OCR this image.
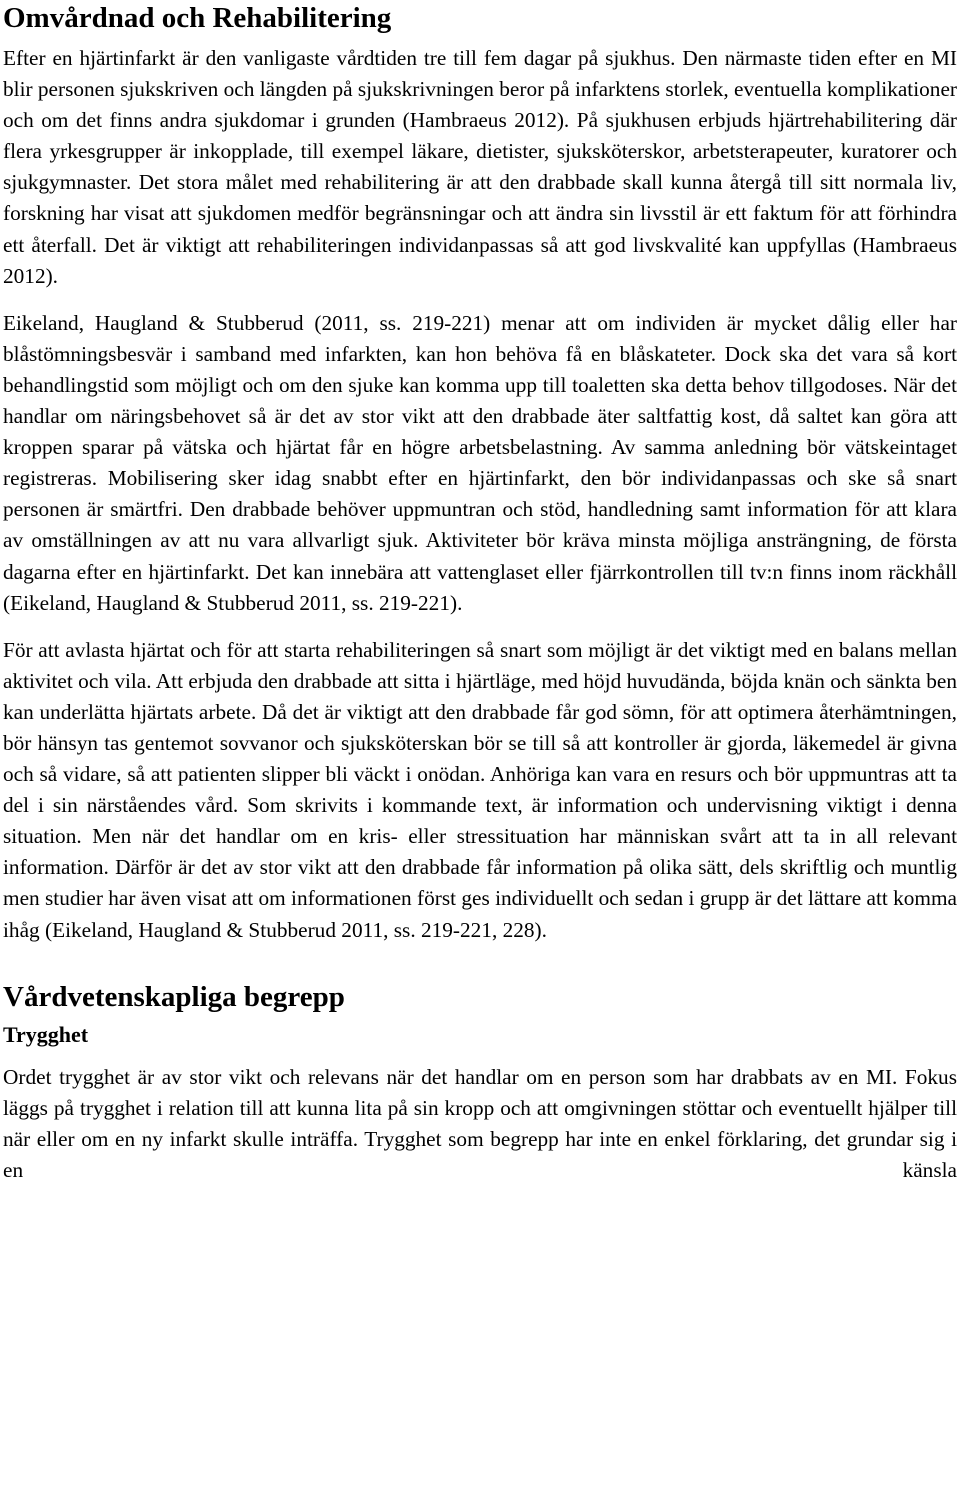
Omvårdnad och Rehabilitering

Efter en hjärtinfarkt är den vanligaste vårdtiden tre till fem dagar på sjukhus. Den närmaste tiden efter en MI blir personen sjukskriven och längden på sjukskrivningen beror på infarktens storlek, eventuella komplikationer och om det finns andra sjukdomar i grunden (Hambraeus 2012). På sjukhusen erbjuds hjärtrehabilitering där flera yrkesgrupper är inkopplade, till exempel läkare, dietister, sjuksköterskor, arbetsterapeuter, kuratorer och sjukgymnaster. Det stora målet med rehabilitering är att den drabbade skall kunna återgå till sitt normala liv, forskning har visat att sjukdomen medför begränsningar och att ändra sin livsstil är ett faktum för att förhindra ett återfall. Det är viktigt att rehabiliteringen individanpassas så att god livskvalité kan uppfyllas (Hambraeus 2012).

Eikeland, Haugland & Stubberud (2011, ss. 219-221) menar att om individen är mycket dålig eller har blåstömningsbesvär i samband med infarkten, kan hon behöva få en blåskateter. Dock ska det vara så kort behandlingstid som möjligt och om den sjuke kan komma upp till toaletten ska detta behov tillgodoses. När det handlar om näringsbehovet så är det av stor vikt att den drabbade äter saltfattig kost, då saltet kan göra att kroppen sparar på vätska och hjärtat får en högre arbetsbelastning. Av samma anledning bör vätskeintaget registreras. Mobilisering sker idag snabbt efter en hjärtinfarkt, den bör individanpassas och ske så snart personen är smärtfri. Den drabbade behöver uppmuntran och stöd, handledning samt information för att klara av omställningen av att nu vara allvarligt sjuk. Aktiviteter bör kräva minsta möjliga ansträngning, de första dagarna efter en hjärtinfarkt. Det kan innebära att vattenglaset eller fjärrkontrollen till tv:n finns inom räckhåll (Eikeland, Haugland & Stubberud 2011, ss. 219-221).

För att avlasta hjärtat och för att starta rehabiliteringen så snart som möjligt är det viktigt med en balans mellan aktivitet och vila. Att erbjuda den drabbade att sitta i hjärtläge, med höjd huvudända, böjda knän och sänkta ben kan underlätta hjärtats arbete. Då det är viktigt att den drabbade får god sömn, för att optimera återhämtningen, bör hänsyn tas gentemot sovvanor och sjuksköterskan bör se till så att kontroller är gjorda, läkemedel är givna och så vidare, så att patienten slipper bli väckt i onödan. Anhöriga kan vara en resurs och bör uppmuntras att ta del i sin närståendes vård. Som skrivits i kommande text, är information och undervisning viktigt i denna situation. Men när det handlar om en kris- eller stressituation har människan svårt att ta in all relevant information. Därför är det av stor vikt att den drabbade får information på olika sätt, dels skriftlig och muntlig men studier har även visat att om informationen först ges individuellt och sedan i grupp är det lättare att komma ihåg (Eikeland, Haugland & Stubberud 2011, ss. 219-221, 228).

Vårdvetenskapliga begrepp
Trygghet

Ordet trygghet är av stor vikt och relevans när det handlar om en person som har drabbats av en MI. Fokus läggs på trygghet i relation till att kunna lita på sin kropp och att omgivningen stöttar och eventuellt hjälper till när eller om en ny infarkt skulle inträffa. Trygghet som begrepp har inte en enkel förklaring, det grundar sig i en känsla
